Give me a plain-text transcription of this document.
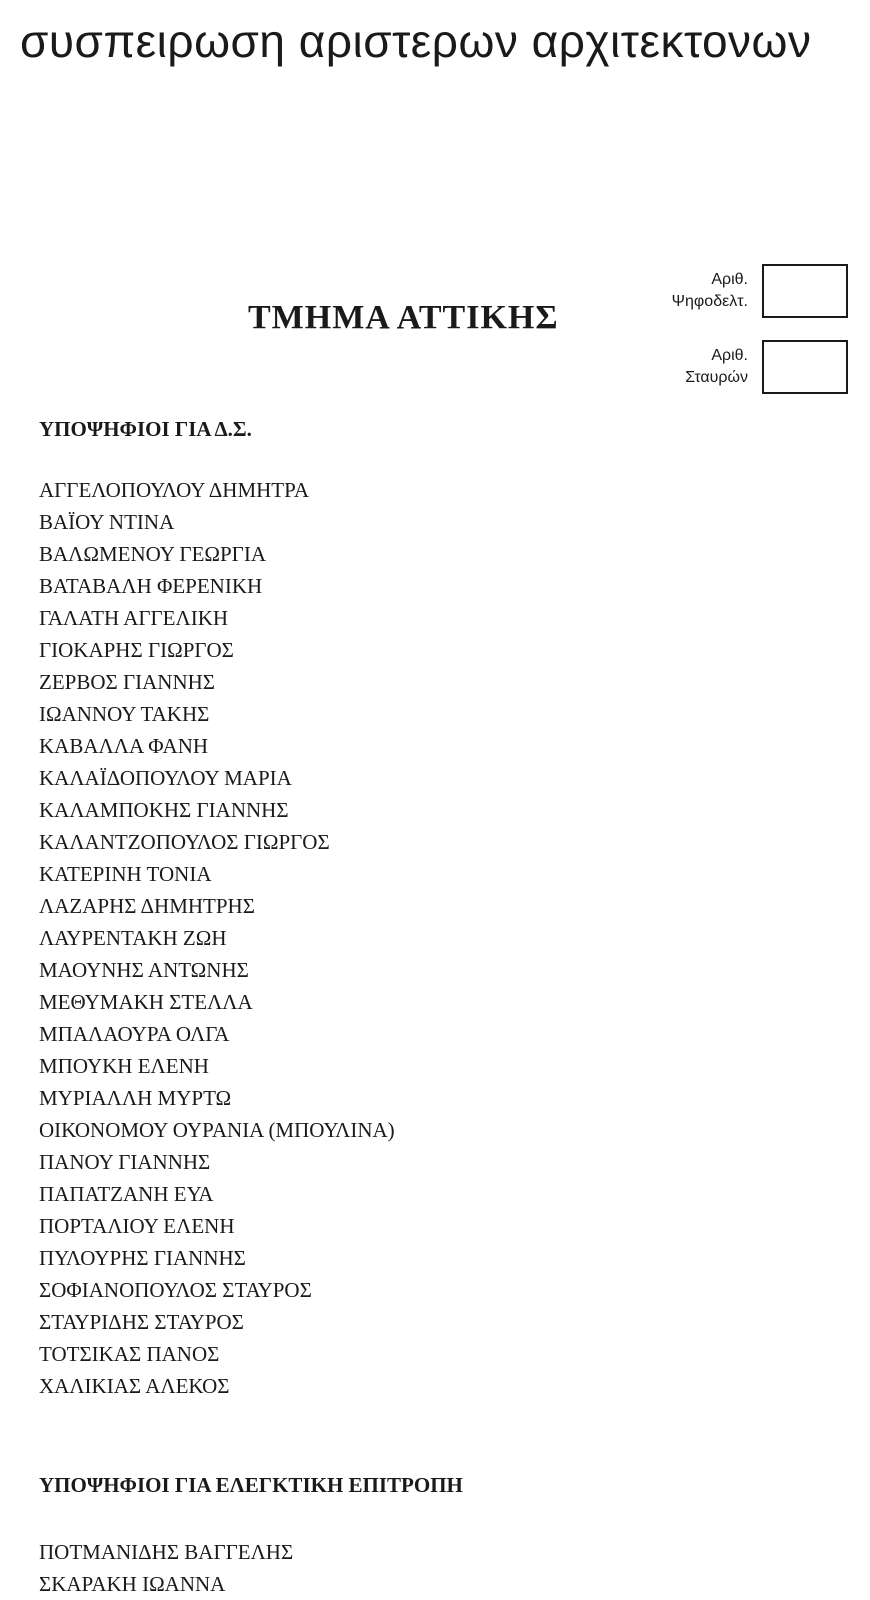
συσπειρωση αριστερων αρχιτεκτονων
ΤΜΗΜΑ ΑΤΤΙΚΗΣ
Αριθ.
Ψηφοδελτ.
Αριθ.
Σταυρών
ΥΠΟΨΗΦΙΟΙ ΓΙΑ Δ.Σ.
ΑΓΓΕΛΟΠΟΥΛΟΥ ΔΗΜΗΤΡΑ
ΒΑΪΟΥ ΝΤΙΝΑ
ΒΑΛΩΜΕΝΟΥ ΓΕΩΡΓΙΑ
ΒΑΤΑΒΑΛΗ ΦΕΡΕΝΙΚΗ
ΓΑΛΑΤΗ ΑΓΓΕΛΙΚΗ
ΓΙΟΚΑΡΗΣ ΓΙΩΡΓΟΣ
ΖΕΡΒΟΣ ΓΙΑΝΝΗΣ
ΙΩΑΝΝΟΥ ΤΑΚΗΣ
ΚΑΒΑΛΛΑ ΦΑΝΗ
ΚΑΛΑΪΔΟΠΟΥΛΟΥ ΜΑΡΙΑ
ΚΑΛΑΜΠΟΚΗΣ ΓΙΑΝΝΗΣ
ΚΑΛΑΝΤΖΟΠΟΥΛΟΣ ΓΙΩΡΓΟΣ
ΚΑΤΕΡΙΝΗ ΤΟΝΙΑ
ΛΑΖΑΡΗΣ ΔΗΜΗΤΡΗΣ
ΛΑΥΡΕΝΤΑΚΗ ΖΩΗ
ΜΑΟΥΝΗΣ ΑΝΤΩΝΗΣ
ΜΕΘΥΜΑΚΗ ΣΤΕΛΛΑ
ΜΠΑΛΑΟΥΡΑ ΟΛΓΑ
ΜΠΟΥΚΗ ΕΛΕΝΗ
ΜΥΡΙΑΛΛΗ ΜΥΡΤΩ
ΟΙΚΟΝΟΜΟΥ ΟΥΡΑΝΙΑ (ΜΠΟΥΛΙΝΑ)
ΠΑΝΟΥ ΓΙΑΝΝΗΣ
ΠΑΠΑΤΖΑΝΗ ΕΥΑ
ΠΟΡΤΑΛΙΟΥ ΕΛΕΝΗ
ΠΥΛΟΥΡΗΣ ΓΙΑΝΝΗΣ
ΣΟΦΙΑΝΟΠΟΥΛΟΣ ΣΤΑΥΡΟΣ
ΣΤΑΥΡΙΔΗΣ ΣΤΑΥΡΟΣ
ΤΟΤΣΙΚΑΣ ΠΑΝΟΣ
ΧΑΛΙΚΙΑΣ ΑΛΕΚΟΣ
ΥΠΟΨΗΦΙΟΙ ΓΙΑ ΕΛΕΓΚΤΙΚΗ ΕΠΙΤΡΟΠΗ
ΠΟΤΜΑΝΙΔΗΣ ΒΑΓΓΕΛΗΣ
ΣΚΑΡΑΚΗ ΙΩΑΝΝΑ
